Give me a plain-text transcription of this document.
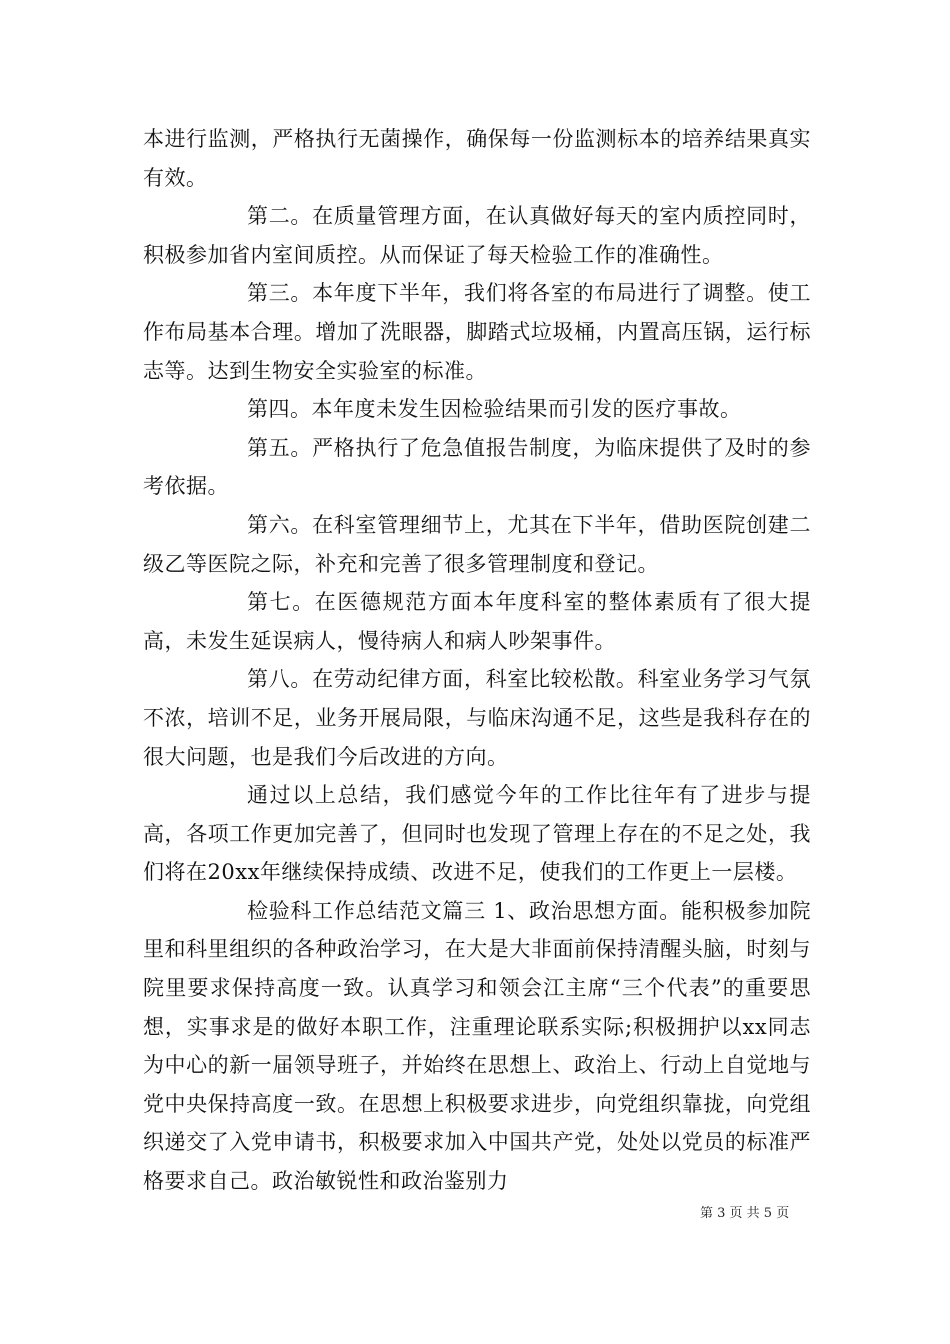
本进行监测，严格执行无菌操作，确保每一份监测标本的培养结果真实有效。

第二。在质量管理方面，在认真做好每天的室内质控同时，积极参加省内室间质控。从而保证了每天检验工作的准确性。

第三。本年度下半年，我们将各室的布局进行了调整。使工作布局基本合理。增加了洗眼器，脚踏式垃圾桶，内置高压锅，运行标志等。达到生物安全实验室的标准。

第四。本年度未发生因检验结果而引发的医疗事故。

第五。严格执行了危急值报告制度，为临床提供了及时的参考依据。

第六。在科室管理细节上，尤其在下半年，借助医院创建二级乙等医院之际，补充和完善了很多管理制度和登记。

第七。在医德规范方面本年度科室的整体素质有了很大提高，未发生延误病人，慢待病人和病人吵架事件。

第八。在劳动纪律方面，科室比较松散。科室业务学习气氛不浓，培训不足，业务开展局限，与临床沟通不足，这些是我科存在的很大问题，也是我们今后改进的方向。

通过以上总结，我们感觉今年的工作比往年有了进步与提高，各项工作更加完善了，但同时也发现了管理上存在的不足之处，我们将在20xx年继续保持成绩、改进不足，使我们的工作更上一层楼。

检验科工作总结范文篇三 1、政治思想方面。能积极参加院里和科里组织的各种政治学习，在大是大非面前保持清醒头脑，时刻与院里要求保持高度一致。认真学习和领会江主席“三个代表”的重要思想，实事求是的做好本职工作，注重理论联系实际;积极拥护以xx同志为中心的新一届领导班子，并始终在思想上、政治上、行动上自觉地与党中央保持高度一致。在思想上积极要求进步，向党组织靠拢，向党组织递交了入党申请书，积极要求加入中国共产党，处处以党员的标准严格要求自己。政治敏锐性和政治鉴别力

第 3 页 共 5 页
